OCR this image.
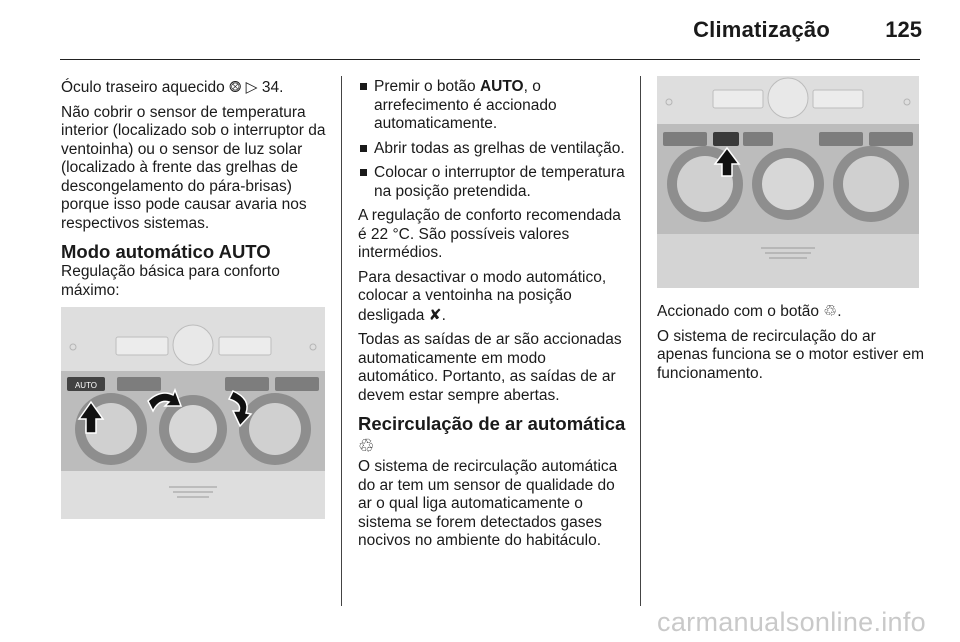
Climatização	125

Óculo traseiro aquecido ⨷ ▷ 34.

Não cobrir o sensor de temperatura interior (localizado sob o interruptor da ventoinha) ou o sensor de luz solar (localizado à frente das grelhas de descongelamento do pára-brisas) porque isso pode causar avaria nos respectivos sistemas.

Modo automático AUTO

Regulação básica para conforto máximo:

AUTO
Premir o botão AUTO, o arrefecimento é accionado automaticamente.
Abrir todas as grelhas de ventilação.
Colocar o interruptor de temperatura na posição pretendida.

A regulação de conforto recomendada é 22 °C. São possíveis valores intermédios.

Para desactivar o modo automático, colocar a ventoinha na posição desligada ✘.

Todas as saídas de ar são accionadas automaticamente em modo automático. Portanto, as saídas de ar devem estar sempre abertas.

Recirculação de ar automática ♲

O sistema de recirculação automática do ar tem um sensor de qualidade do ar o qual liga automaticamente o sistema se forem detectados gases nocivos no ambiente do habitáculo.

Accionado com o botão ♲.

O sistema de recirculação do ar apenas funciona se o motor estiver em funcionamento.

carmanualsonline.info
